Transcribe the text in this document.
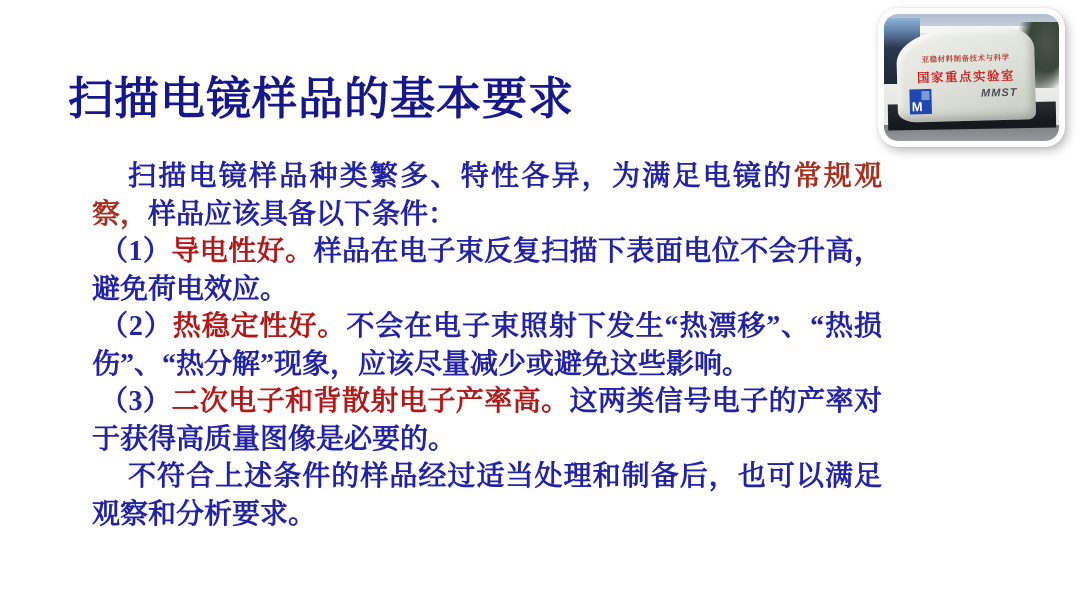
扫描电镜样品的基本要求
亚稳材料制备技术与科学
国家重点实验室
MMST
M

扫描电镜样品种类繁多、特性各异，为满足电镜的常规观察，样品应该具备以下条件：

（1）导电性好。样品在电子束反复扫描下表面电位不会升高，避免荷电效应。

（2）热稳定性好。不会在电子束照射下发生“热漂移”、“热损伤”、“热分解”现象，应该尽量减少或避免这些影响。

（3）二次电子和背散射电子产率高。这两类信号电子的产率对于获得高质量图像是必要的。

不符合上述条件的样品经过适当处理和制备后，也可以满足观察和分析要求。
